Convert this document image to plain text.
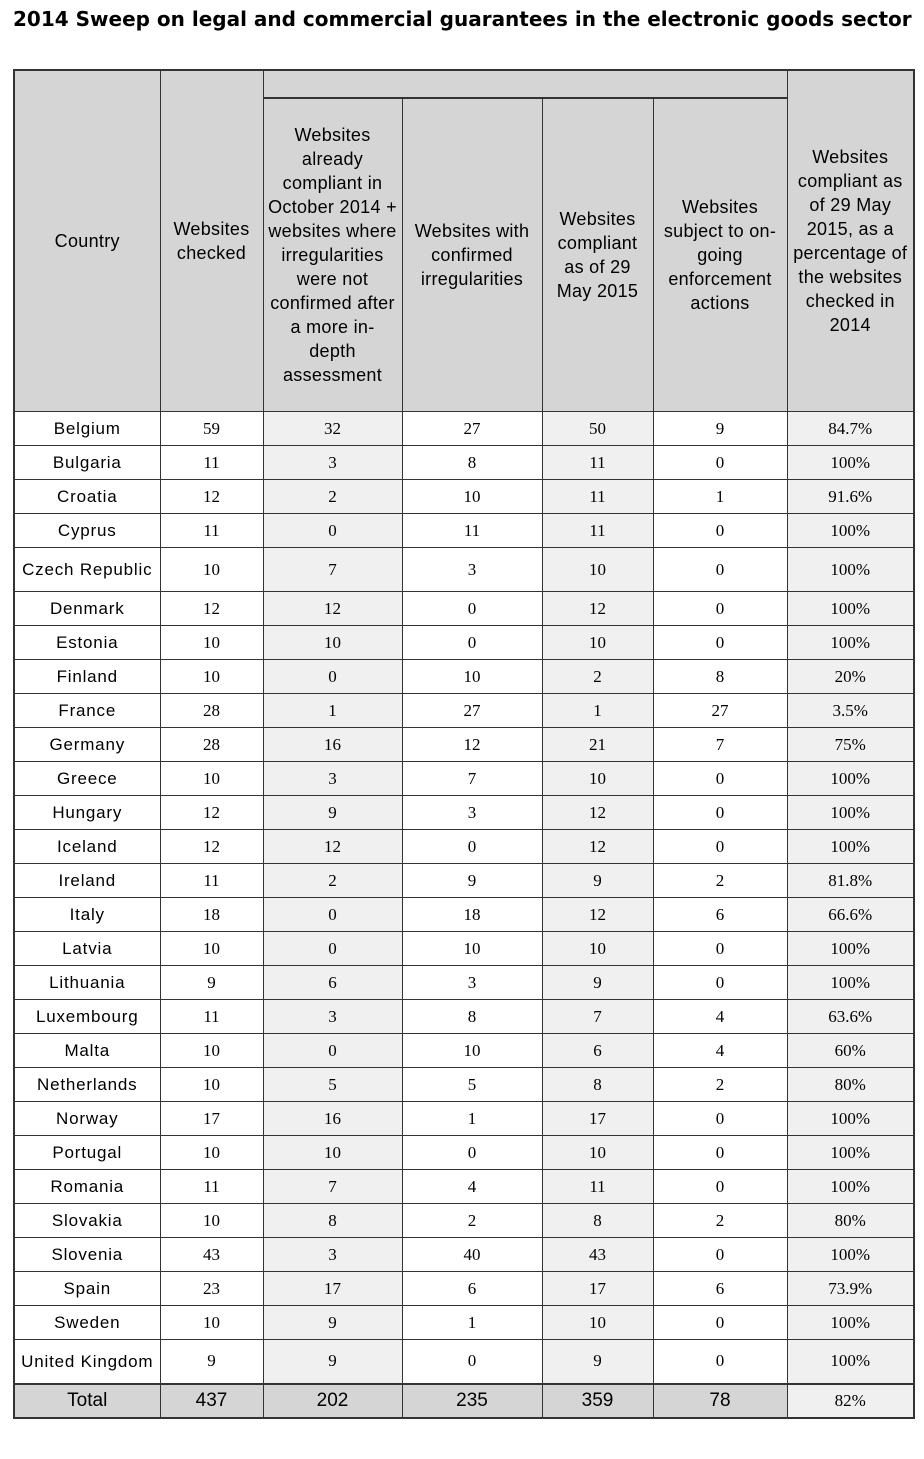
2014 Sweep on legal and commercial guarantees in the electronic goods sector
Country	Websites checked					Websites compliant as of 29 May 2015, as a percentage of the websites checked in 2014
		Websites already compliant in October 2014 + websites where irregularities were not confirmed after a more in-depth assessment	Websites with confirmed irregularities	Websites compliant as of 29 May 2015	Websites subject to on-going enforcement actions	
Belgium	59	32	27	50	9	84.7%
Bulgaria	11	3	8	11	0	100%
Croatia	12	2	10	11	1	91.6%
Cyprus	11	0	11	11	0	100%
Czech Republic	10	7	3	10	0	100%
Denmark	12	12	0	12	0	100%
Estonia	10	10	0	10	0	100%
Finland	10	0	10	2	8	20%
France	28	1	27	1	27	3.5%
Germany	28	16	12	21	7	75%
Greece	10	3	7	10	0	100%
Hungary	12	9	3	12	0	100%
Iceland	12	12	0	12	0	100%
Ireland	11	2	9	9	2	81.8%
Italy	18	0	18	12	6	66.6%
Latvia	10	0	10	10	0	100%
Lithuania	9	6	3	9	0	100%
Luxembourg	11	3	8	7	4	63.6%
Malta	10	0	10	6	4	60%
Netherlands	10	5	5	8	2	80%
Norway	17	16	1	17	0	100%
Portugal	10	10	0	10	0	100%
Romania	11	7	4	11	0	100%
Slovakia	10	8	2	8	2	80%
Slovenia	43	3	40	43	0	100%
Spain	23	17	6	17	6	73.9%
Sweden	10	9	1	10	0	100%
United Kingdom	9	9	0	9	0	100%
Total	437	202	235	359	78	82%
